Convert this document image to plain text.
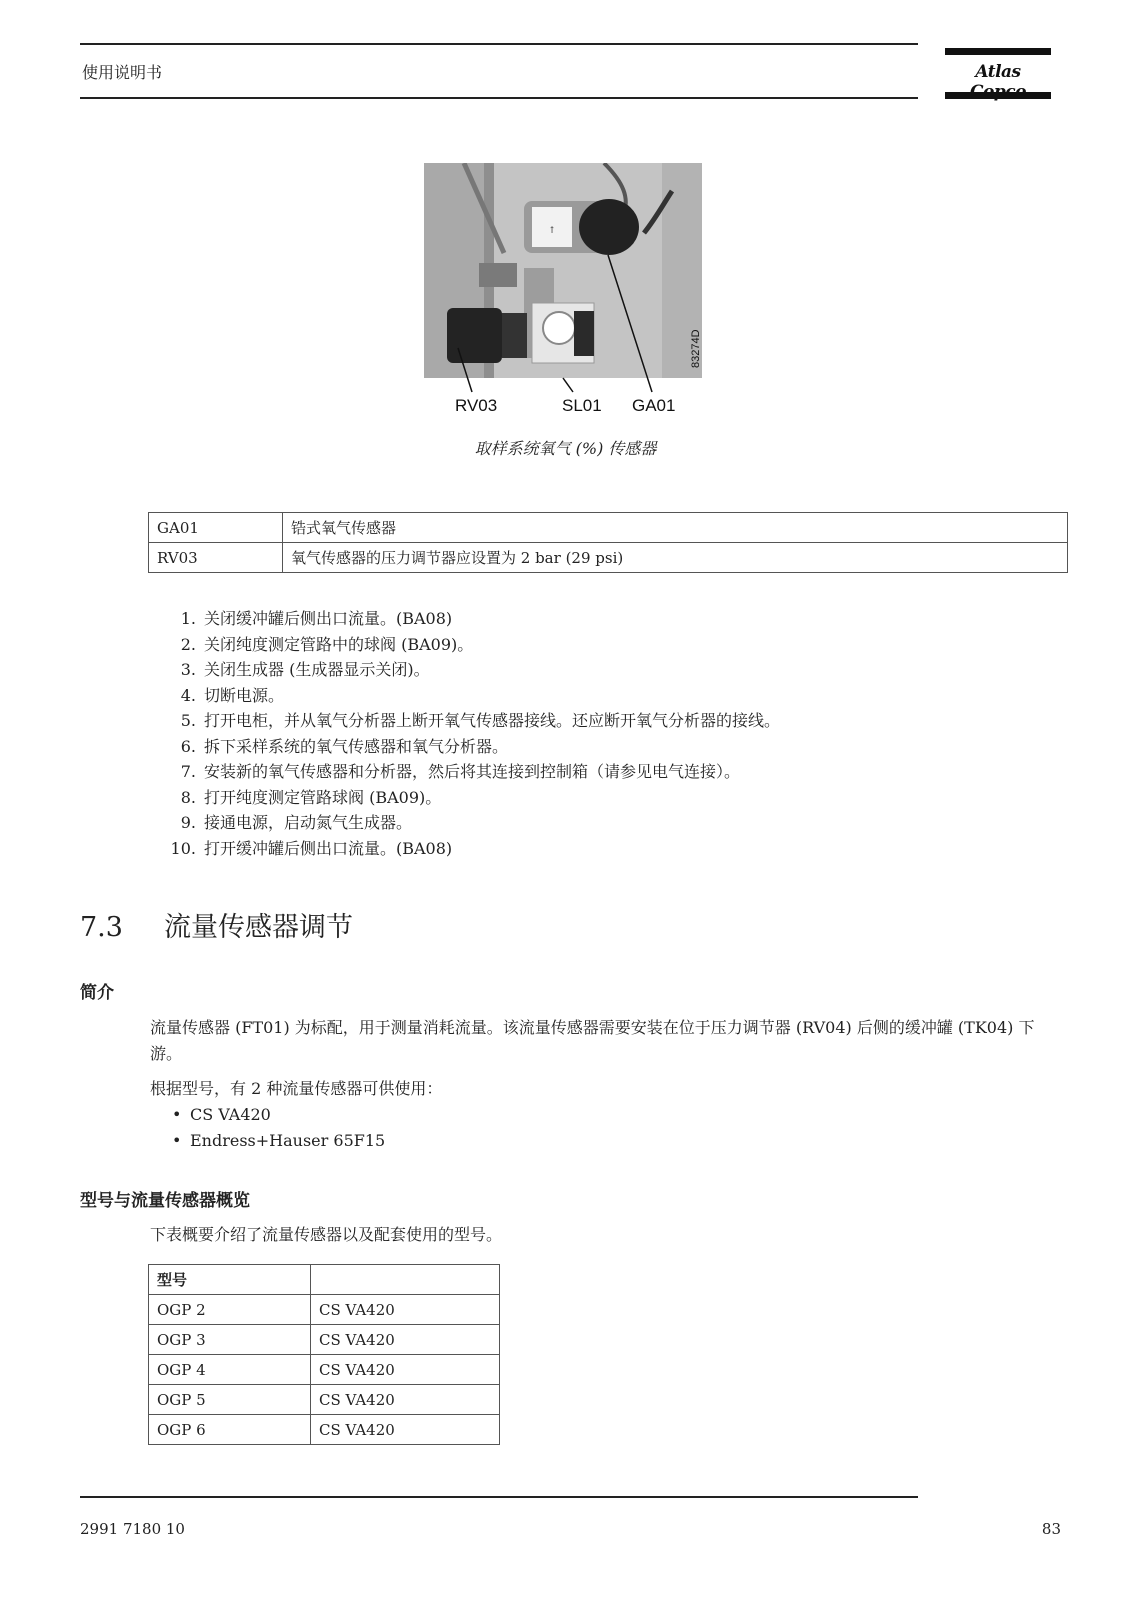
使用说明书	Atlas
↑
83274D
RV03	SL01 GA01
取样系统氧气 (%) 传感器
GA01	锆式氧气传感器
RV03	氧气传感器的压力调节器应设置为 2 bar (29 psi)
1. 关闭缓冲罐后侧出口流量。(BA08)
2. 关闭纯度测定管路中的球阀 (BA09)。
3. 关闭生成器 (生成器显示关闭)。
4. 切断电源。
5. 打开电柜，并从氧气分析器上断开氧气传感器接线。还应断开氧气分析器的接线。
6. 拆下采样系统的氧气传感器和氧气分析器。
7. 安装新的氧气传感器和分析器，然后将其连接到控制箱（请参见电气连接）。
8. 打开纯度测定管路球阀 (BA09)。
9. 接通电源，启动氮气生成器。
10. 打开缓冲罐后侧出口流量。(BA08)
7.3 流量传感器调节
简介
流量传感器 (FT01) 为标配，用于测量消耗流量。该流量传感器需要安装在位于压力调节器 (RV04) 后侧的缓冲罐 (TK04) 下游。
根据型号，有 2 种流量传感器可供使用：
• CS VA420
• Endress+Hauser 65F15
型号与流量传感器概览
下表概要介绍了流量传感器以及配套使用的型号。
型号	
OGP 2	CS VA420
OGP 3	CS VA420
OGP 4	CS VA420
OGP 5	CS VA420
OGP 6	CS VA420
2991 7180 10	83
